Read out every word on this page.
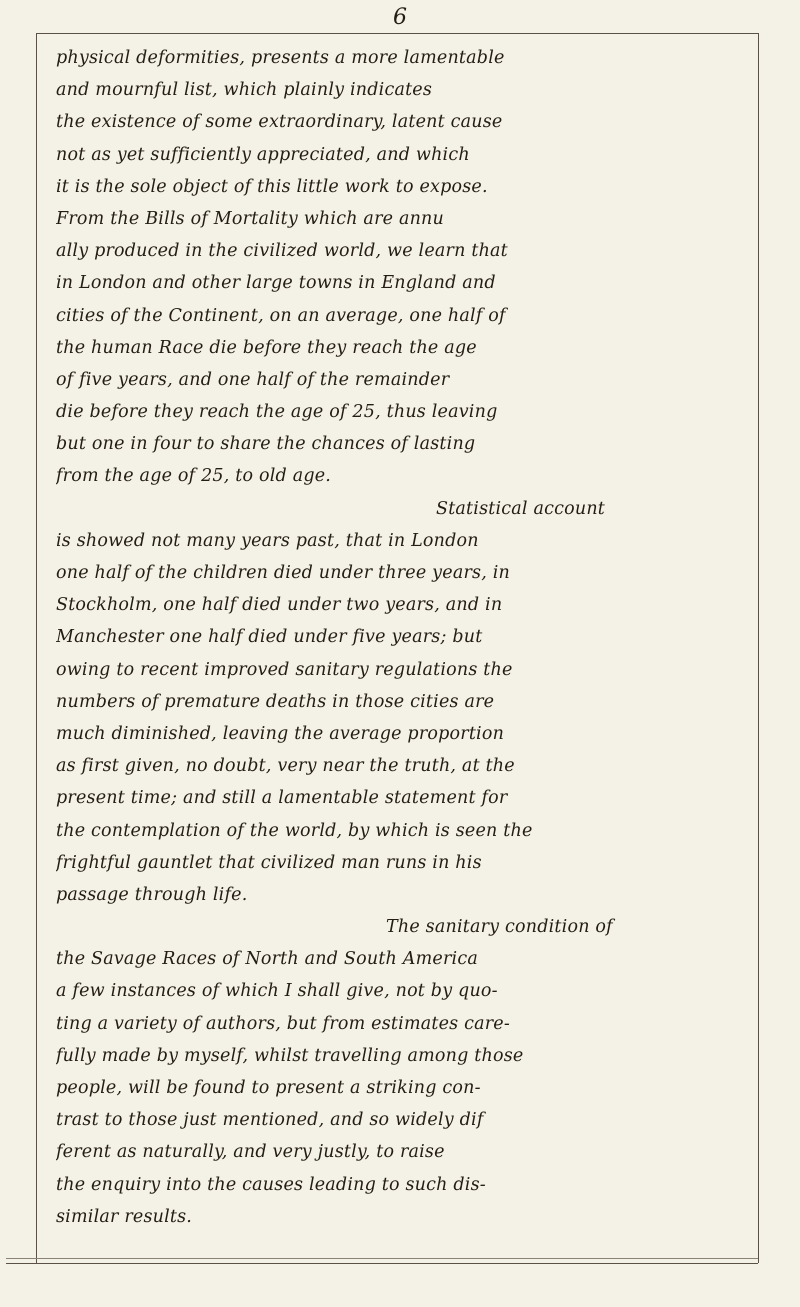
6
physical deformities, presents a more lamentable
and mournful list, which plainly indicates
the existence of some extraordinary, latent cause
not as yet sufficiently appreciated, and which
it is the sole object of this little work to expose.
From the Bills of Mortality which are annu
ally produced in the civilized world, we learn that
in London and other large towns in England and
cities of the Continent, on an average, one half of
the human Race die before they reach the age
of five years, and one half of the remainder
die before they reach the age of 25, thus leaving
but one in four to share the chances of lasting
from the age of 25, to old age.
Statistical account
is showed not many years past, that in London
one half of the children died under three years, in
Stockholm, one half died under two years, and in
Manchester one half died under five years; but
owing to recent improved sanitary regulations the
numbers of premature deaths in those cities are
much diminished, leaving the average proportion
as first given, no doubt, very near the truth, at the
present time; and still a lamentable statement for
the contemplation of the world, by which is seen the
frightful gauntlet that civilized man runs in his
passage through life.
The sanitary condition of
the Savage Races of North and South America
a few instances of which I shall give, not by quo-
ting a variety of authors, but from estimates care-
fully made by myself, whilst travelling among those
people, will be found to present a striking con-
trast to those just mentioned, and so widely dif
ferent as naturally, and very justly, to raise
the enquiry into the causes leading to such dis-
similar results.
